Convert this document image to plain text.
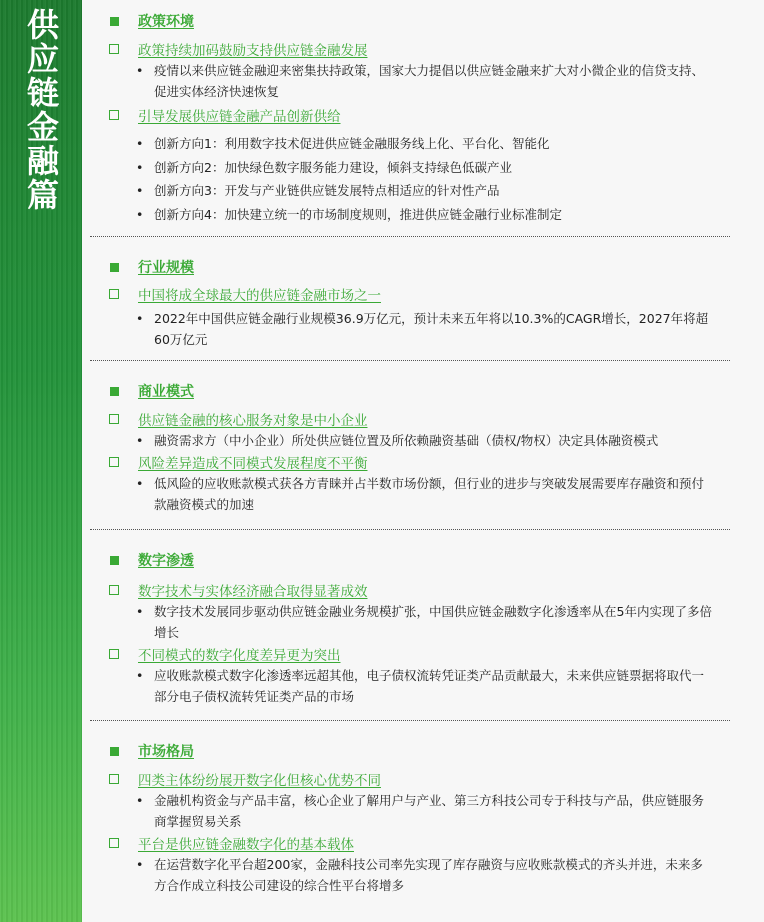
供应链金融篇	政策环境
政策持续加码鼓励支持供应链金融发展
• 疫情以来供应链金融迎来密集扶持政策，国家大力提倡以供应链金融来扩大对小微企业的信贷支持、促进实体经济快速恢复
引导发展供应链金融产品创新供给
• 创新方向1：利用数字技术促进供应链金融服务线上化、平台化、智能化
• 创新方向2：加快绿色数字服务能力建设，倾斜支持绿色低碳产业
• 创新方向3：开发与产业链供应链发展特点相适应的针对性产品
• 创新方向4：加快建立统一的市场制度规则，推进供应链金融行业标准制定
行业规模
中国将成全球最大的供应链金融市场之一
• 2022年中国供应链金融行业规模36.9万亿元，预计未来五年将以10.3%的CAGR增长，2027年将超60万亿元
商业模式
供应链金融的核心服务对象是中小企业
• 融资需求方（中小企业）所处供应链位置及所依赖融资基础（债权/物权）决定具体融资模式
风险差异造成不同模式发展程度不平衡
• 低风险的应收账款模式获各方青睐并占半数市场份额，但行业的进步与突破发展需要库存融资和预付款融资模式的加速
数字渗透
数字技术与实体经济融合取得显著成效
• 数字技术发展同步驱动供应链金融业务规模扩张，中国供应链金融数字化渗透率从在5年内实现了多倍增长
不同模式的数字化度差异更为突出
• 应收账款模式数字化渗透率远超其他，电子债权流转凭证类产品贡献最大，未来供应链票据将取代一部分电子债权流转凭证类产品的市场
市场格局
四类主体纷纷展开数字化但核心优势不同
• 金融机构资金与产品丰富，核心企业了解用户与产业、第三方科技公司专于科技与产品，供应链服务商掌握贸易关系
平台是供应链金融数字化的基本载体
• 在运营数字化平台超200家，金融科技公司率先实现了库存融资与应收账款模式的齐头并进，未来多方合作成立科技公司建设的综合性平台将增多
